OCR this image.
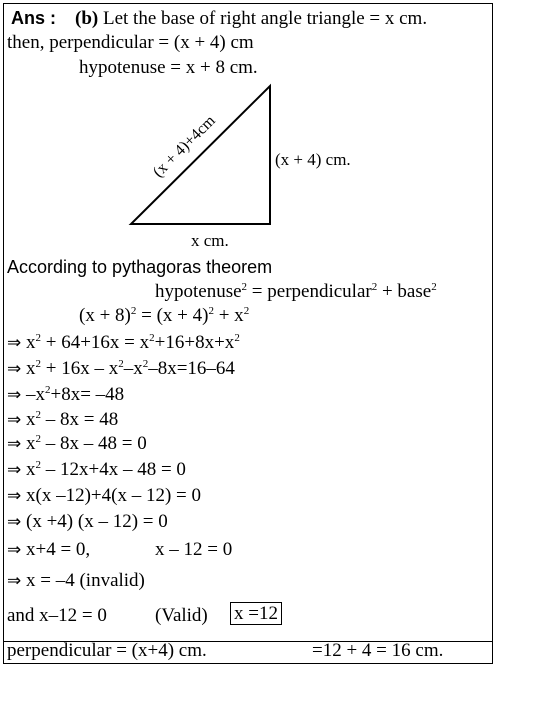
Ans : (b) Let the base of right angle triangle = x cm.
then, perpendicular = (x + 4) cm
hypotenuse = x + 8 cm.
(x + 4)+4cm	(x + 4) cm.
x cm.
According to pythagoras theorem
hypotenuse$^2$ = perpendicular$^2$ + base$^2$
$(x + 8)^2 = (x + 4)^2 + x^2$
⇒ $x^2 + 64+16x = x^2+16+8x+x^2$
⇒ $x^2 + 16x - x^2-x^2-8x=16-64$
⇒ $-x^2+8x= -48$
⇒ $x^2 - 8x = 48$
⇒ $x^2 - 8x - 48 = 0$
⇒ $x^2 - 12x+4x - 48 = 0$
⇒ x(x –12)+4(x – 12) = 0
⇒ (x +4) (x – 12) = 0
⇒ x+4 = 0,	x – 12 = 0
⇒ x = –4 (invalid)
and x–12 = 0	(Valid) x =12
perpendicular = (x+4) cm.	=12 + 4 = 16 cm.
